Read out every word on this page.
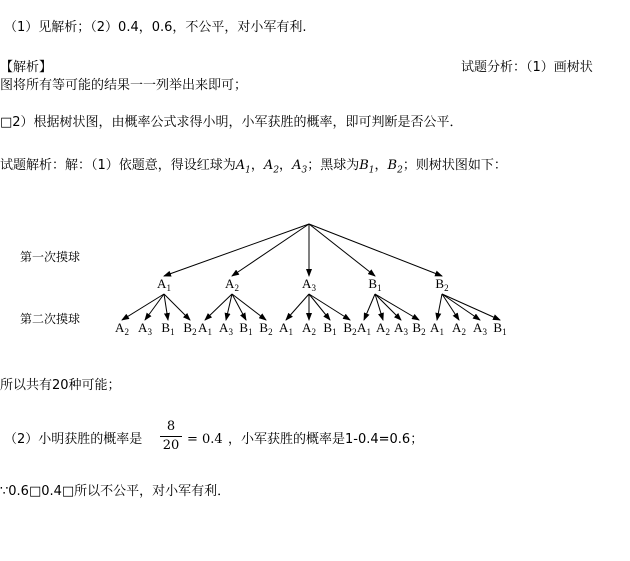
（1）见解析；（2）0.4，0.6，不公平，对小军有利.
【解析】	试题分析：（1）画树状
图将所有等可能的结果一一列举出来即可；
□2）根据树状图，由概率公式求得小明，小军获胜的概率，即可判断是否公平．
试题解析：解：（1）依题意，得设红球为$A_1$，$A_2$，$A_3$；黑球为$B_1$，$B_2$；则树状图如下：
$A_1$
$A_2$ $A_3$ $B_1$ $B_2$
$A_2$
$A_1$ $A_3$ $B_1$ $B_2$
$A_3$
$A_1$ $A_2$ $B_1$ $B_2$
$B_1$
$A_1$ $A_2$ $A_3$ $B_2$
$B_2$
$A_1$ $A_2$ $A_3$ $B_1$
第一次摸球
第二次摸球
所以共有20种可能；
（2）小明获胜的概率是
8
20 = 0.4 ，小军获胜的概率是1-0.4=0.6；
∵0.6□0.4□所以不公平，对小军有利．
